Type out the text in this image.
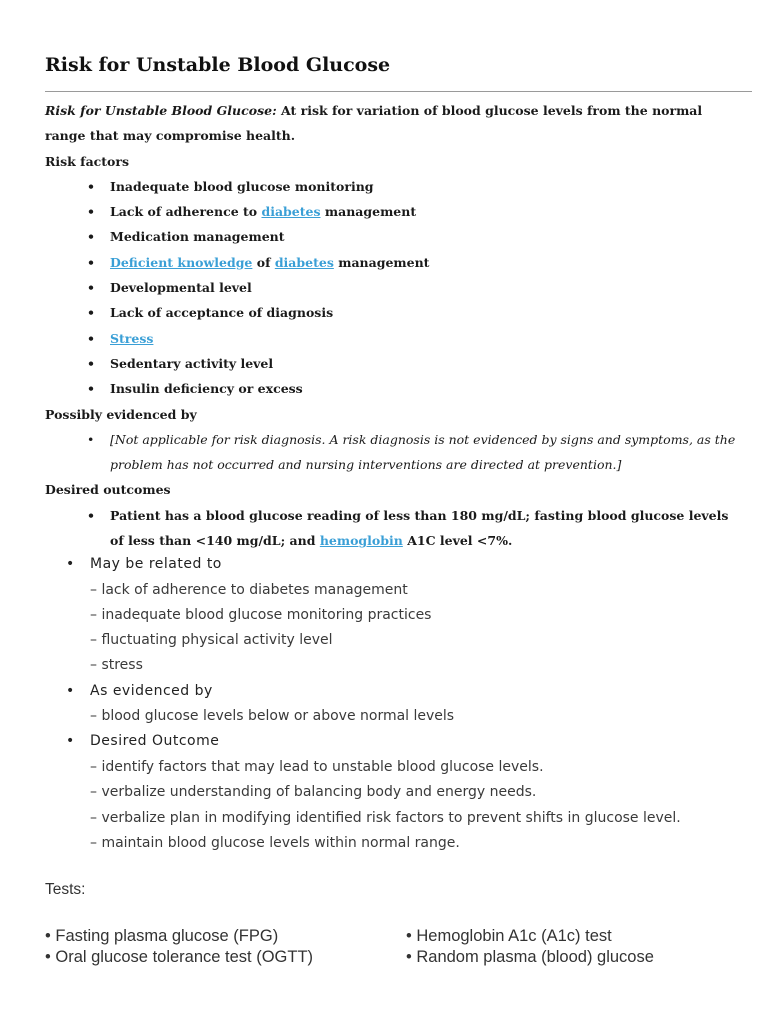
Risk for Unstable Blood Glucose

Risk for Unstable Blood Glucose: At risk for variation of blood glucose levels from the normal range that may compromise health.

Risk factors

• Inadequate blood glucose monitoring
• Lack of adherence to diabetes management
• Medication management
• Deficient knowledge of diabetes management
• Developmental level
• Lack of acceptance of diagnosis
• Stress
• Sedentary activity level
• Insulin deficiency or excess

Possibly evidenced by

• [Not applicable for risk diagnosis. A risk diagnosis is not evidenced by signs and symptoms, as the problem has not occurred and nursing interventions are directed at prevention.]

Desired outcomes

• Patient has a blood glucose reading of less than 180 mg/dL; fasting blood glucose levels of less than <140 mg/dL; and hemoglobin A1C level <7%.
• May be related to
– lack of adherence to diabetes management
– inadequate blood glucose monitoring practices
– fluctuating physical activity level
– stress
• As evidenced by
– blood glucose levels below or above normal levels
• Desired Outcome
– identify factors that may lead to unstable blood glucose levels.
– verbalize understanding of balancing body and energy needs.
– verbalize plan in modifying identified risk factors to prevent shifts in glucose level.
– maintain blood glucose levels within normal range.
Tests:
• Fasting plasma glucose (FPG)
• Oral glucose tolerance test (OGTT)
• Hemoglobin A1c (A1c) test
• Random plasma (blood) glucose
